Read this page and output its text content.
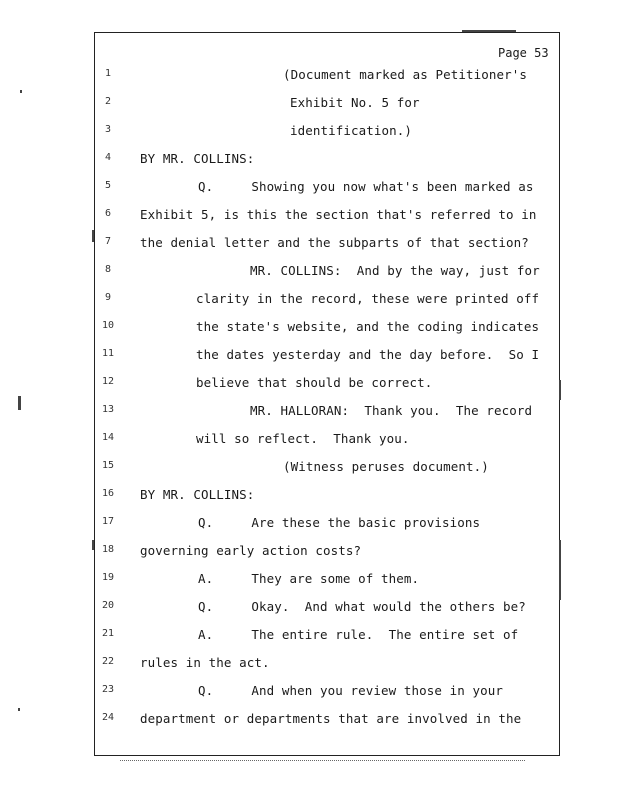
Page 53
1
2
3
4
5
6
7
8
9
10
11
12
13
14
15
16
17
18
19
20
21
22
23
24
(Document marked as Petitioner's
Exhibit No. 5 for
identification.)
BY MR. COLLINS:
Q.     Showing you now what's been marked as
Exhibit 5, is this the section that's referred to in
the denial letter and the subparts of that section?
MR. COLLINS:  And by the way, just for
clarity in the record, these were printed off
the state's website, and the coding indicates
the dates yesterday and the day before.  So I
believe that should be correct.
MR. HALLORAN:  Thank you.  The record
will so reflect.  Thank you.
(Witness peruses document.)
BY MR. COLLINS:
Q.     Are these the basic provisions
governing early action costs?
A.     They are some of them.
Q.     Okay.  And what would the others be?
A.     The entire rule.  The entire set of
rules in the act.
Q.     And when you review those in your
department or departments that are involved in the
